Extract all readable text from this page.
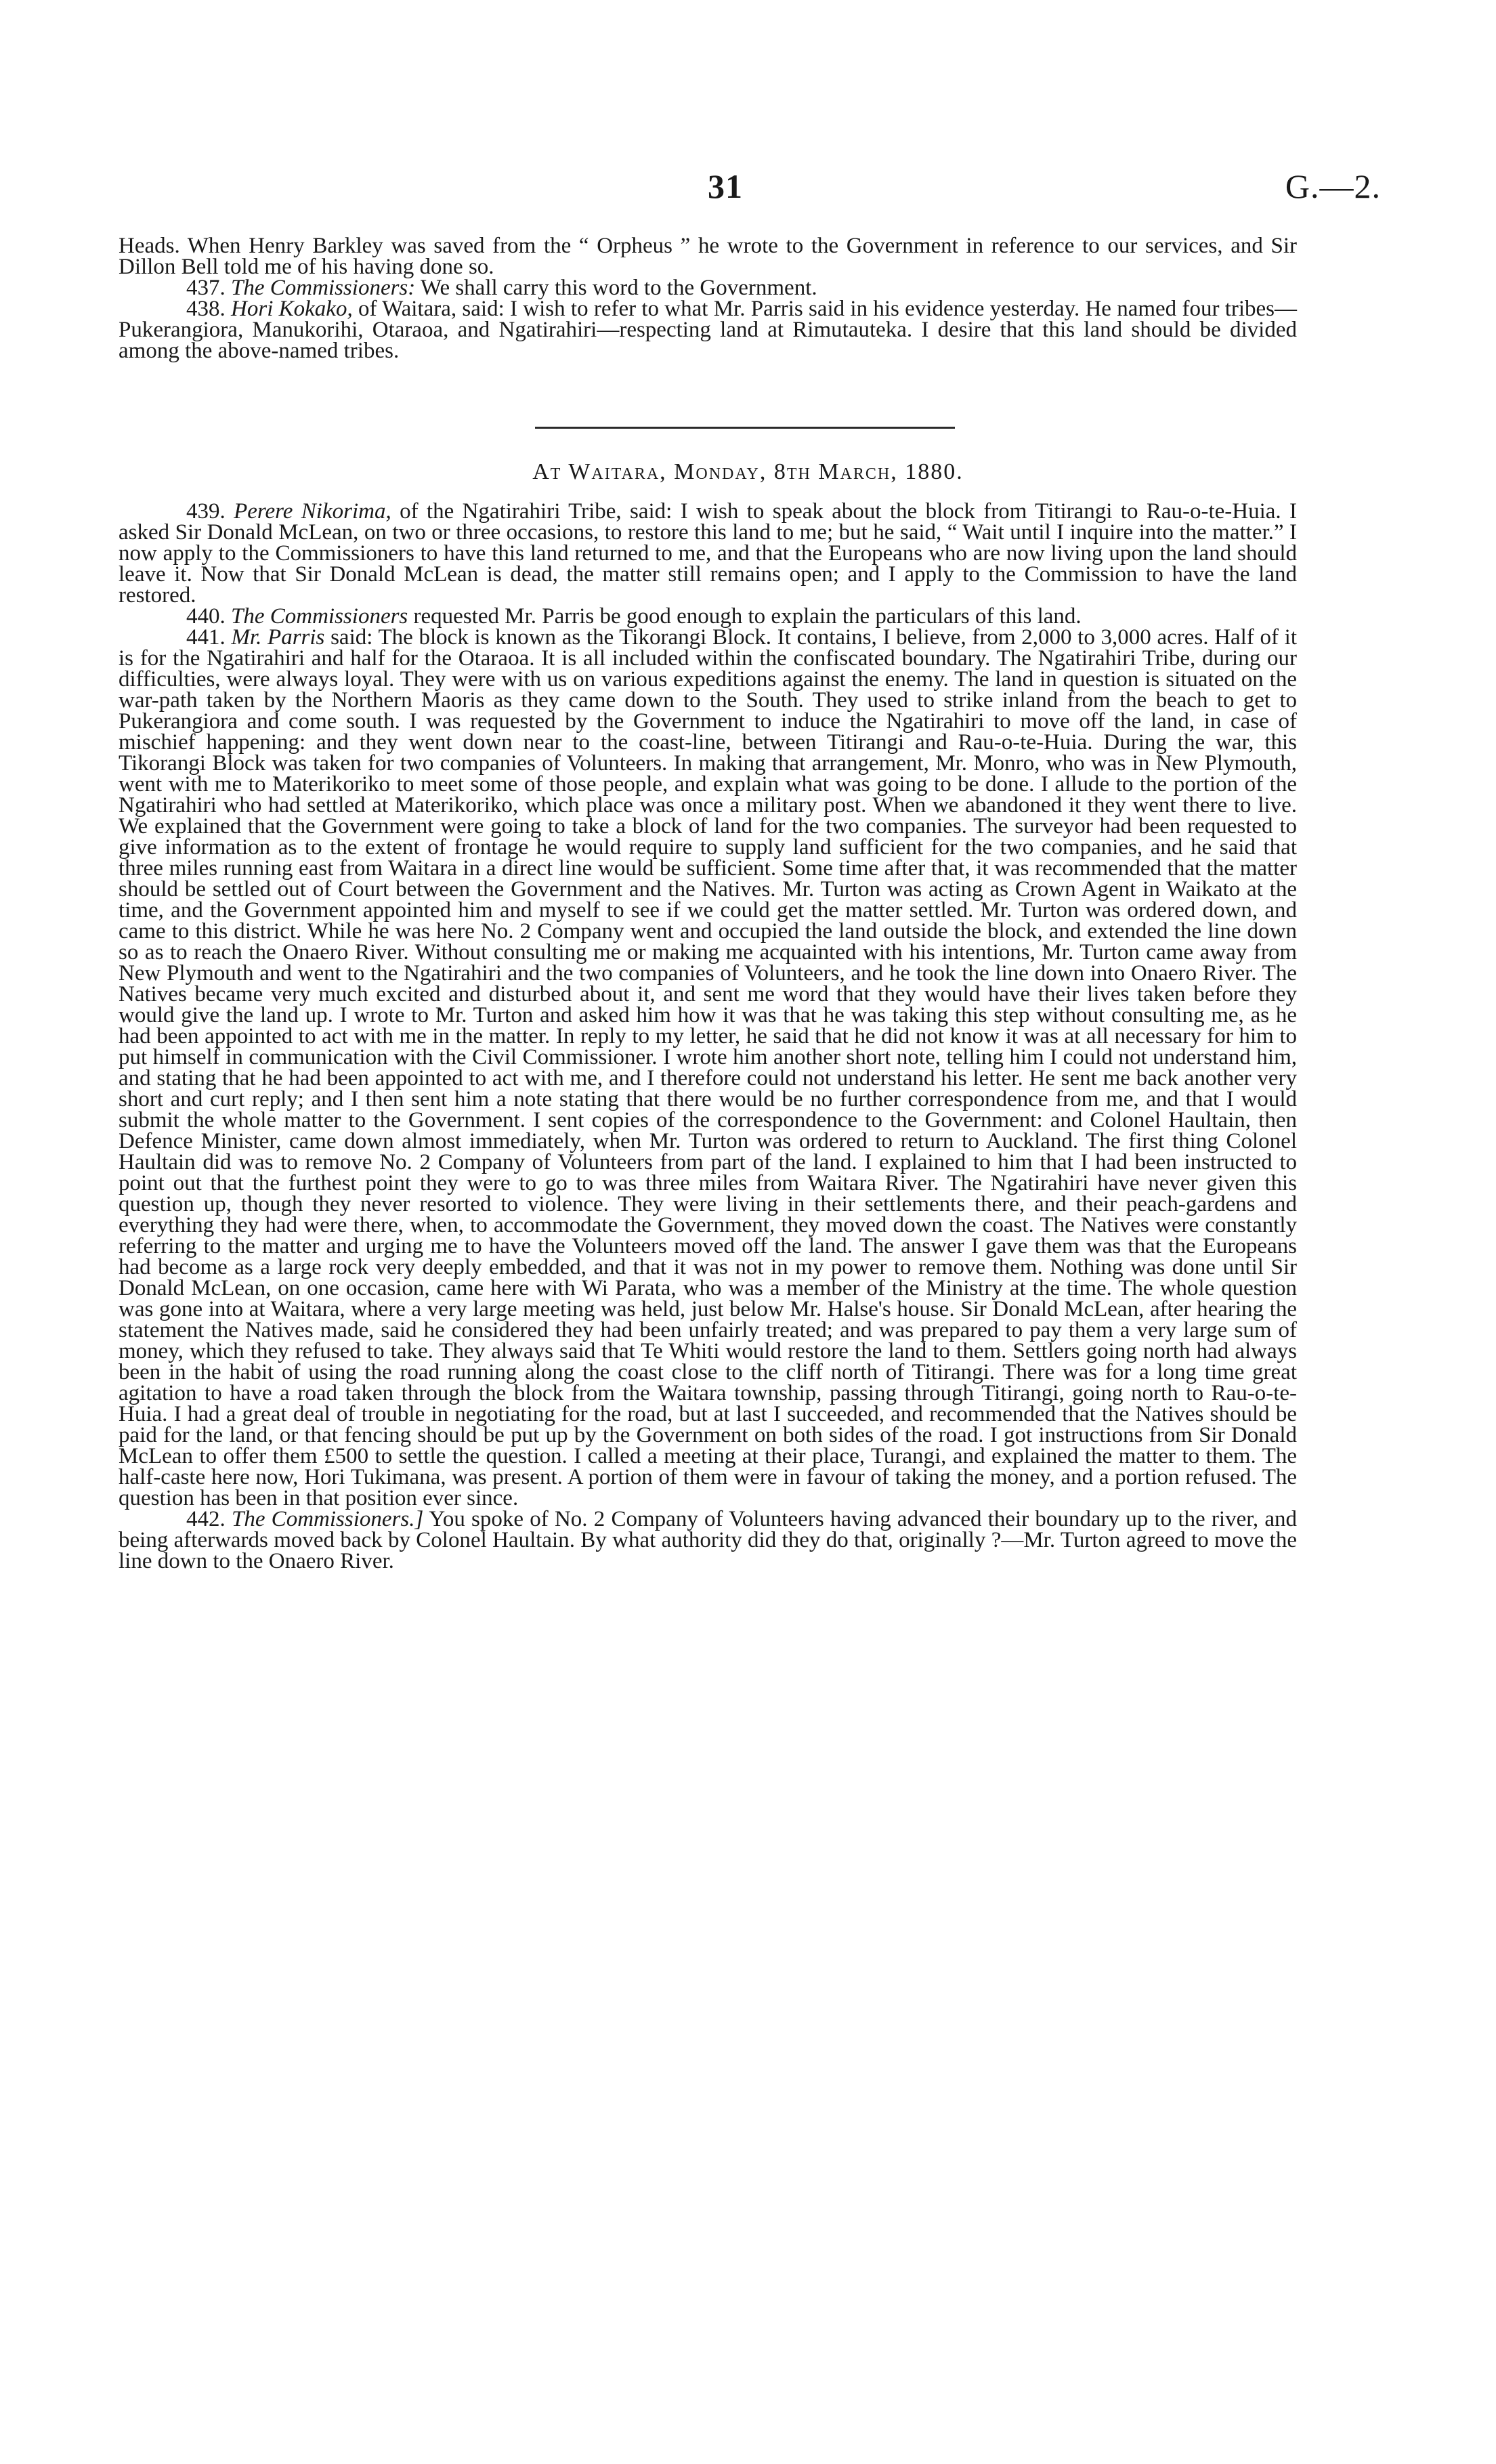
31	G.—2.

Heads. When Henry Barkley was saved from the “ Orpheus ” he wrote to the Government in reference to our services, and Sir Dillon Bell told me of his having done so.

437. The Commissioners: We shall carry this word to the Government.

438. Hori Kokako, of Waitara, said: I wish to refer to what Mr. Parris said in his evidence yesterday. He named four tribes—Pukerangiora, Manukorihi, Otaraoa, and Ngatirahiri—respecting land at Rimutauteka. I desire that this land should be divided among the above-named tribes.

At Waitara, Monday, 8th March, 1880.

439. Perere Nikorima, of the Ngatirahiri Tribe, said: I wish to speak about the block from Titirangi to Rau-o-te-Huia. I asked Sir Donald McLean, on two or three occasions, to restore this land to me; but he said, “ Wait until I inquire into the matter.” I now apply to the Commissioners to have this land returned to me, and that the Europeans who are now living upon the land should leave it. Now that Sir Donald McLean is dead, the matter still remains open; and I apply to the Commission to have the land restored.

440. The Commissioners requested Mr. Parris be good enough to explain the particulars of this land.

441. Mr. Parris said: The block is known as the Tikorangi Block. It contains, I believe, from 2,000 to 3,000 acres. Half of it is for the Ngatirahiri and half for the Otaraoa. It is all included within the confiscated boundary. The Ngatirahiri Tribe, during our difficulties, were always loyal. They were with us on various expeditions against the enemy. The land in question is situated on the war-path taken by the Northern Maoris as they came down to the South. They used to strike inland from the beach to get to Pukerangiora and come south. I was requested by the Government to induce the Ngatirahiri to move off the land, in case of mischief happening: and they went down near to the coast-line, between Titirangi and Rau-o-te-Huia. During the war, this Tikorangi Block was taken for two companies of Volunteers. In making that arrangement, Mr. Monro, who was in New Plymouth, went with me to Materikoriko to meet some of those people, and explain what was going to be done. I allude to the portion of the Ngatirahiri who had settled at Materikoriko, which place was once a military post. When we abandoned it they went there to live. We explained that the Government were going to take a block of land for the two companies. The surveyor had been requested to give information as to the extent of frontage he would require to supply land sufficient for the two companies, and he said that three miles running east from Waitara in a direct line would be sufficient. Some time after that, it was recommended that the matter should be settled out of Court between the Government and the Natives. Mr. Turton was acting as Crown Agent in Waikato at the time, and the Government appointed him and myself to see if we could get the matter settled. Mr. Turton was ordered down, and came to this district. While he was here No. 2 Company went and occupied the land outside the block, and extended the line down so as to reach the Onaero River. Without consulting me or making me acquainted with his intentions, Mr. Turton came away from New Plymouth and went to the Ngatirahiri and the two companies of Volunteers, and he took the line down into Onaero River. The Natives became very much excited and disturbed about it, and sent me word that they would have their lives taken before they would give the land up. I wrote to Mr. Turton and asked him how it was that he was taking this step without consulting me, as he had been appointed to act with me in the matter. In reply to my letter, he said that he did not know it was at all necessary for him to put himself in communication with the Civil Commissioner. I wrote him another short note, telling him I could not understand him, and stating that he had been appointed to act with me, and I therefore could not understand his letter. He sent me back another very short and curt reply; and I then sent him a note stating that there would be no further correspondence from me, and that I would submit the whole matter to the Government. I sent copies of the correspondence to the Government: and Colonel Haultain, then Defence Minister, came down almost immediately, when Mr. Turton was ordered to return to Auckland. The first thing Colonel Haultain did was to remove No. 2 Company of Volunteers from part of the land. I explained to him that I had been instructed to point out that the furthest point they were to go to was three miles from Waitara River. The Ngatirahiri have never given this question up, though they never resorted to violence. They were living in their settlements there, and their peach-gardens and everything they had were there, when, to accommodate the Government, they moved down the coast. The Natives were constantly referring to the matter and urging me to have the Volunteers moved off the land. The answer I gave them was that the Europeans had become as a large rock very deeply embedded, and that it was not in my power to remove them. Nothing was done until Sir Donald McLean, on one occasion, came here with Wi Parata, who was a member of the Ministry at the time. The whole question was gone into at Waitara, where a very large meeting was held, just below Mr. Halse's house. Sir Donald McLean, after hearing the statement the Natives made, said he considered they had been unfairly treated; and was prepared to pay them a very large sum of money, which they refused to take. They always said that Te Whiti would restore the land to them. Settlers going north had always been in the habit of using the road running along the coast close to the cliff north of Titirangi. There was for a long time great agitation to have a road taken through the block from the Waitara township, passing through Titirangi, going north to Rau-o-te-Huia. I had a great deal of trouble in negotiating for the road, but at last I succeeded, and recommended that the Natives should be paid for the land, or that fencing should be put up by the Government on both sides of the road. I got instructions from Sir Donald McLean to offer them £500 to settle the question. I called a meeting at their place, Turangi, and explained the matter to them. The half-caste here now, Hori Tukimana, was present. A portion of them were in favour of taking the money, and a portion refused. The question has been in that position ever since.

442. The Commissioners.] You spoke of No. 2 Company of Volunteers having advanced their boundary up to the river, and being afterwards moved back by Colonel Haultain. By what authority did they do that, originally ?—Mr. Turton agreed to move the line down to the Onaero River.
